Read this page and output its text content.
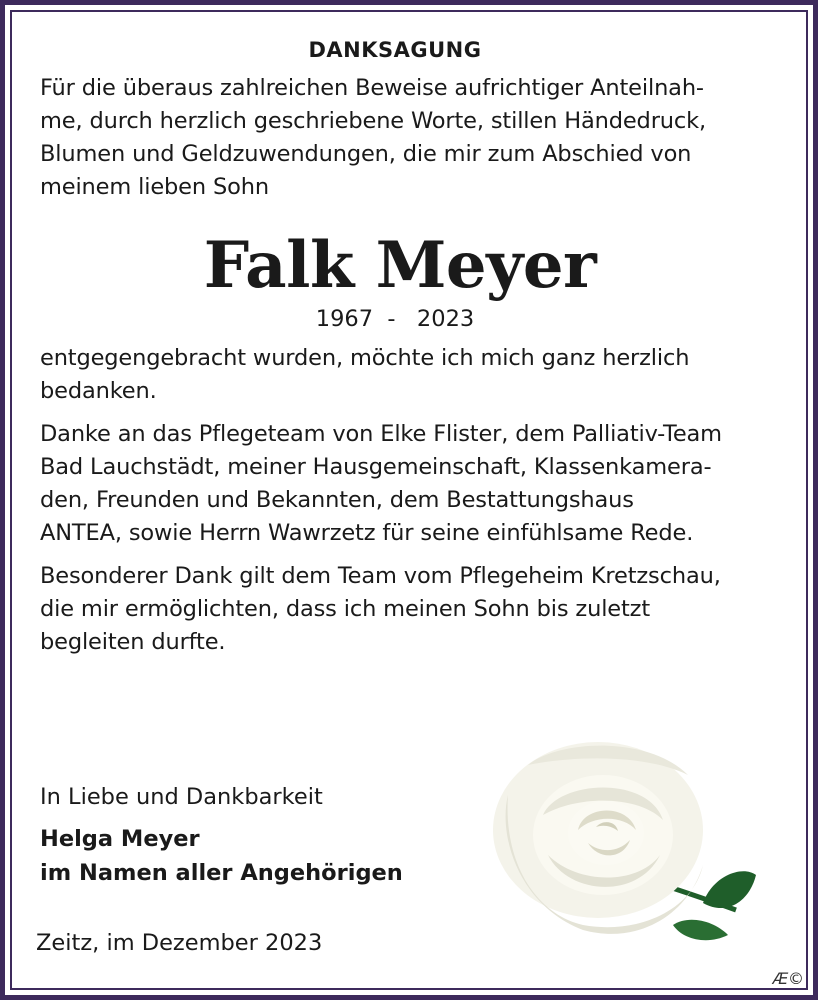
DANKSAGUNG

Für die überaus zahlreichen Beweise aufrichtiger Anteilnah-
me, durch herzlich geschriebene Worte, stillen Händedruck,
Blumen und Geldzuwendungen, die mir zum Abschied von
meinem lieben Sohn

Falk Meyer
1967  -   2023

entgegengebracht wurden, möchte ich mich ganz herzlich
bedanken.

Danke an das Pflegeteam von Elke Flister, dem Palliativ-Team
Bad Lauchstädt, meiner Hausgemeinschaft, Klassenkamera-
den, Freunden und Bekannten, dem Bestattungshaus
ANTEA, sowie Herrn Wawrzetz für seine einfühlsame Rede.

Besonderer Dank gilt dem Team vom Pflegeheim Kretzschau,
die mir ermöglichten, dass ich meinen Sohn bis zuletzt
begleiten durfte.

In Liebe und Dankbarkeit

Helga Meyer

im Namen aller Angehörigen

Zeitz, im Dezember 2023
Æ©
